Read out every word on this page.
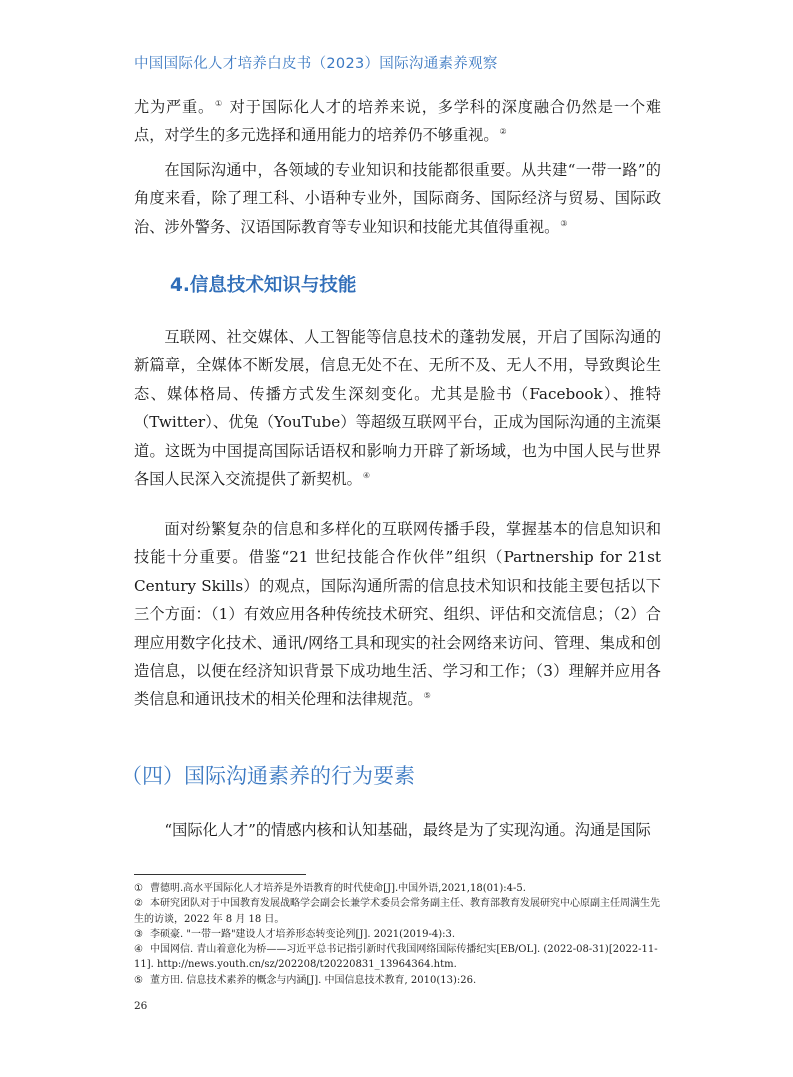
中国国际化人才培养白皮书（2023）国际沟通素养观察

尤为严重。① 对于国际化人才的培养来说，多学科的深度融合仍然是一个难点，对学生的多元选择和通用能力的培养仍不够重视。②

在国际沟通中，各领域的专业知识和技能都很重要。从共建“一带一路”的角度来看，除了理工科、小语种专业外，国际商务、国际经济与贸易、国际政治、涉外警务、汉语国际教育等专业知识和技能尤其值得重视。③

4.信息技术知识与技能

互联网、社交媒体、人工智能等信息技术的蓬勃发展，开启了国际沟通的新篇章，全媒体不断发展，信息无处不在、无所不及、无人不用，导致舆论生态、媒体格局、传播方式发生深刻变化。尤其是脸书（Facebook）、推特（Twitter）、优兔（YouTube）等超级互联网平台，正成为国际沟通的主流渠道。这既为中国提高国际话语权和影响力开辟了新场域，也为中国人民与世界各国人民深入交流提供了新契机。④

面对纷繁复杂的信息和多样化的互联网传播手段，掌握基本的信息知识和技能十分重要。借鉴“21 世纪技能合作伙伴”组织（Partnership for 21st Century Skills）的观点，国际沟通所需的信息技术知识和技能主要包括以下三个方面：（1）有效应用各种传统技术研究、组织、评估和交流信息；（2）合理应用数字化技术、通讯/网络工具和现实的社会网络来访问、管理、集成和创造信息，以便在经济知识背景下成功地生活、学习和工作；（3）理解并应用各类信息和通讯技术的相关伦理和法律规范。⑤

（四）国际沟通素养的行为要素

“国际化人才”的情感内核和认知基础，最终是为了实现沟通。沟通是国际

① 曹德明.高水平国际化人才培养是外语教育的时代使命[J].中国外语,2021,18(01):4-5.
② 本研究团队对于中国教育发展战略学会副会长兼学术委员会常务副主任、教育部教育发展研究中心原副主任周满生先生的访谈，2022 年 8 月 18 日。
③ 李硕豪. "一带一路"建设人才培养形态转变论列[J]. 2021(2019-4):3.
④ 中国网信. 青山着意化为桥——习近平总书记指引新时代我国网络国际传播纪实[EB/OL]. (2022-08-31)[2022-11-11]. http://news.youth.cn/sz/202208/t20220831_13964364.htm.
⑤ 董方田. 信息技术素养的概念与内涵[J]. 中国信息技术教育, 2010(13):26.
26
